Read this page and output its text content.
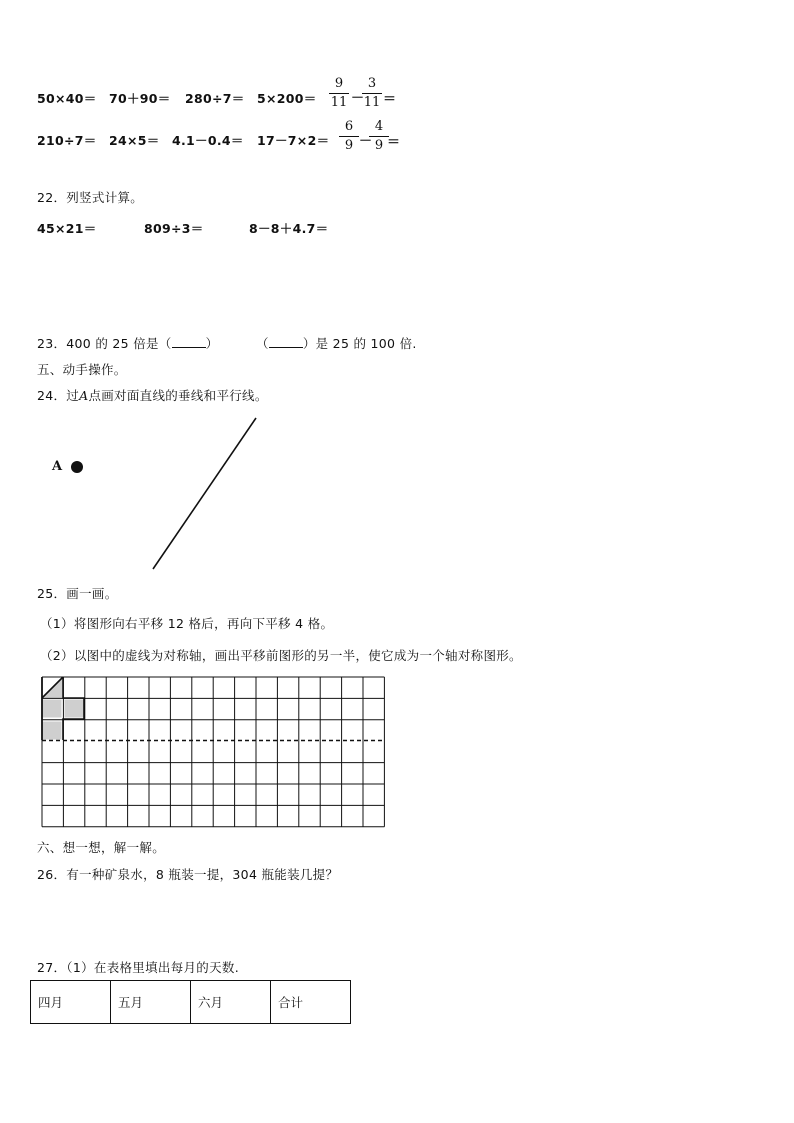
50×40＝ 70＋90＝ 280÷7＝ 5×200＝
9
11 －
3
11 ＝
210÷7＝ 24×5＝ 4.1－0.4＝ 17－7×2＝
6
9 －
4
9 ＝
22．列竖式计算。
45×21＝	809÷3＝	8－8＋4.7＝
23．400 的 25 倍是（	）	（	）是 25 的 100 倍.
五、动手操作。
24．过A点画对面直线的垂线和平行线。
A
25．画一画。
（1）将图形向右平移 12 格后，再向下平移 4 格。
（2）以图中的虚线为对称轴，画出平移前图形的另一半，使它成为一个轴对称图形。
六、想一想，解一解。
26．有一种矿泉水，8 瓶装一提，304 瓶能装几提？
27．（1）在表格里填出每月的天数.
四月	五月	六月	合计
